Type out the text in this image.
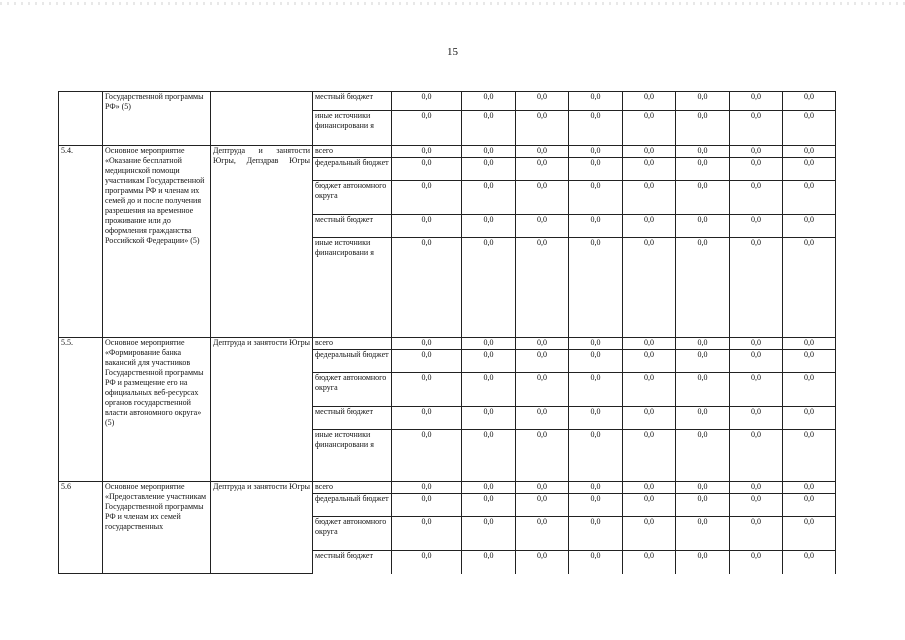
15
	Государственной программы РФ» (5)		местный бюджет	0,0	0,0	0,0	0,0	0,0	0,0	0,0	0,0
			иные источники финансировани я	0,0	0,0	0,0	0,0	0,0	0,0	0,0	0,0
5.4.	Основное мероприятие «Оказание бесплатной медицинской помощи участникам Государственной программы РФ и членам их семей до и после получения разрешения на временное проживание или до оформления гражданства Российской Федерации» (5)	Дептруда и занятости Югры, Депздрав Югры	всего	0,0	0,0	0,0	0,0	0,0	0,0	0,0	0,0
			федеральный бюджет	0,0	0,0	0,0	0,0	0,0	0,0	0,0	0,0
			бюджет автономного округа	0,0	0,0	0,0	0,0	0,0	0,0	0,0	0,0
			местный бюджет	0,0	0,0	0,0	0,0	0,0	0,0	0,0	0,0
			иные источники финансировани я	0,0	0,0	0,0	0,0	0,0	0,0	0,0	0,0
5.5.	Основное мероприятие «Формирование банка вакансий для участников Государственной программы РФ и размещение его на официальных веб-ресурсах органов государственной власти автономного округа» (5)	Дептруда и занятости Югры	всего	0,0	0,0	0,0	0,0	0,0	0,0	0,0	0,0
			федеральный бюджет	0,0	0,0	0,0	0,0	0,0	0,0	0,0	0,0
			бюджет автономного округа	0,0	0,0	0,0	0,0	0,0	0,0	0,0	0,0
			местный бюджет	0,0	0,0	0,0	0,0	0,0	0,0	0,0	0,0
			иные источники финансировани я	0,0	0,0	0,0	0,0	0,0	0,0	0,0	0,0
5.6	Основное мероприятие «Предоставление участникам Государственной программы РФ и членам их семей государственных	Дептруда и занятости Югры	всего	0,0	0,0	0,0	0,0	0,0	0,0	0,0	0,0
			федеральный бюджет	0,0	0,0	0,0	0,0	0,0	0,0	0,0	0,0
			бюджет автономного округа	0,0	0,0	0,0	0,0	0,0	0,0	0,0	0,0
			местный бюджет	0,0	0,0	0,0	0,0	0,0	0,0	0,0	0,0
